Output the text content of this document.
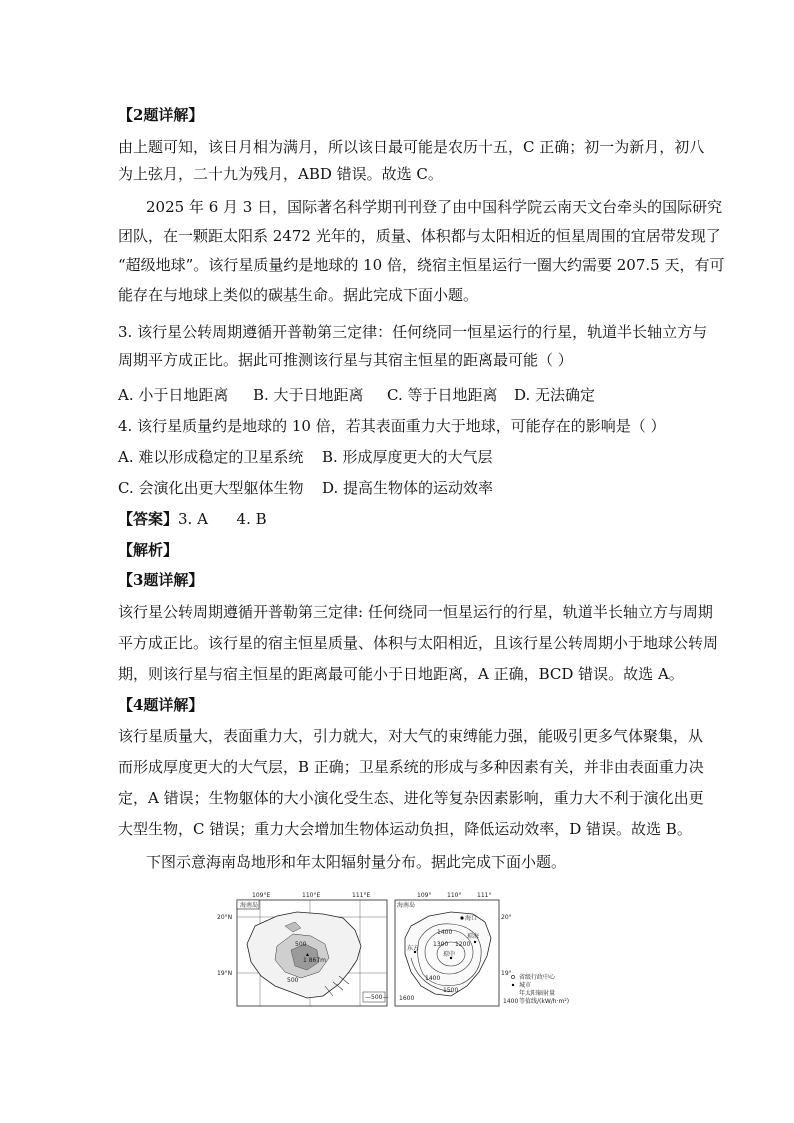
【2题详解】
由上题可知，该日月相为满月，所以该日最可能是农历十五，C 正确；初一为新月，初八
为上弦月，二十九为残月，ABD 错误。故选 C。
2025 年 6 月 3 日，国际著名科学期刊刊登了由中国科学院云南天文台牵头的国际研究
团队，在一颗距太阳系 2472 光年的，质量、体积都与太阳相近的恒星周围的宜居带发现了
“超级地球”。该行星质量约是地球的 10 倍，绕宿主恒星运行一圈大约需要 207.5 天，有可
能存在与地球上类似的碳基生命。据此完成下面小题。
3. 该行星公转周期遵循开普勒第三定律：任何绕同一恒星运行的行星，轨道半长轴立方与
周期平方成正比。据此可推测该行星与其宿主恒星的距离最可能（ ）
A. 小于日地距离 B. 大于日地距离 C. 等于日地距离 D. 无法确定
4. 该行星质量约是地球的 10 倍，若其表面重力大于地球，可能存在的影响是（ ）
A. 难以形成稳定的卫星系统 B. 形成厚度更大的大气层
C. 会演化出更大型躯体生物 D. 提高生物体的运动效率
【答案】3. A      4. B
【解析】
【3题详解】
该行星公转周期遵循开普勒第三定律: 任何绕同一恒星运行的行星，轨道半长轴立方与周期
平方成正比。该行星的宿主恒星质量、体积与太阳相近，且该行星公转周期小于地球公转周
期，则该行星与宿主恒星的距离最可能小于日地距离，A 正确，BCD 错误。故选 A。
【4题详解】
该行星质量大，表面重力大，引力就大，对大气的束缚能力强，能吸引更多气体聚集，从
而形成厚度更大的大气层，B 正确；卫星系统的形成与多种因素有关，并非由表面重力决
定，A 错误；生物躯体的大小演化受生态、进化等复杂因素影响，重力大不利于演化出更
大型生物，C 错误；重力大会增加生物体运动负担，降低运动效率，D 错误。故选 B。
下图示意海南岛地形和年太阳辐射量分布。据此完成下面小题。
海南岛
109°E	110°E	111°E
20°N
19°N
500
1 867m
500
—500—
海南岛
109°	110°	111°
20°
19°
1400
1300 1200
1400
1500
1600
海口
琼海
琼中
东方
省级行政中心
城市
年太阳辐射量
1400 等值线/(kW/h·m²)
